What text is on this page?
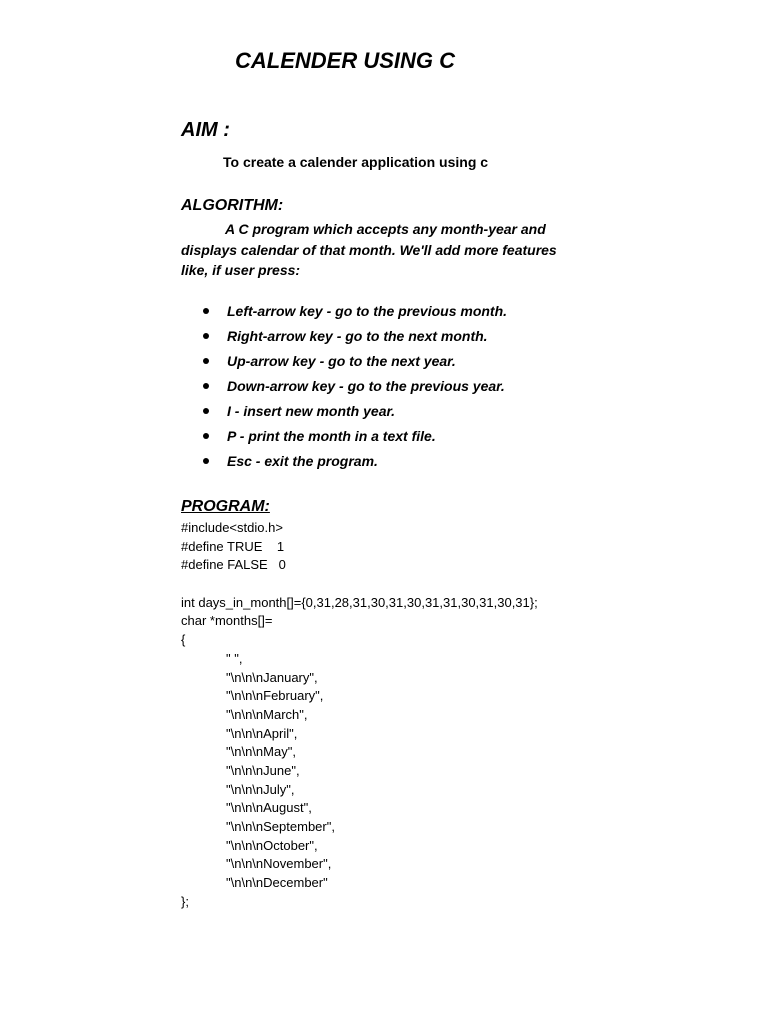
CALENDER USING C
AIM :

To create a calender application using c

ALGORITHM:

A C program which accepts any month-year and
displays calendar of that month. We'll add more features
like, if user press:

Left-arrow key - go to the previous month.
Right-arrow key - go to the next month.
Up-arrow key - go to the next year.
Down-arrow key - go to the previous year.
I - insert new month year.
P - print the month in a text file.
Esc - exit the program.
PROGRAM:
#include<stdio.h>
#define TRUE    1
#define FALSE   0
int days_in_month[]={0,31,28,31,30,31,30,31,31,30,31,30,31};
char *months[]=
{
" ",
"\n\n\nJanuary",
"\n\n\nFebruary",
"\n\n\nMarch",
"\n\n\nApril",
"\n\n\nMay",
"\n\n\nJune",
"\n\n\nJuly",
"\n\n\nAugust",
"\n\n\nSeptember",
"\n\n\nOctober",
"\n\n\nNovember",
"\n\n\nDecember"
};
